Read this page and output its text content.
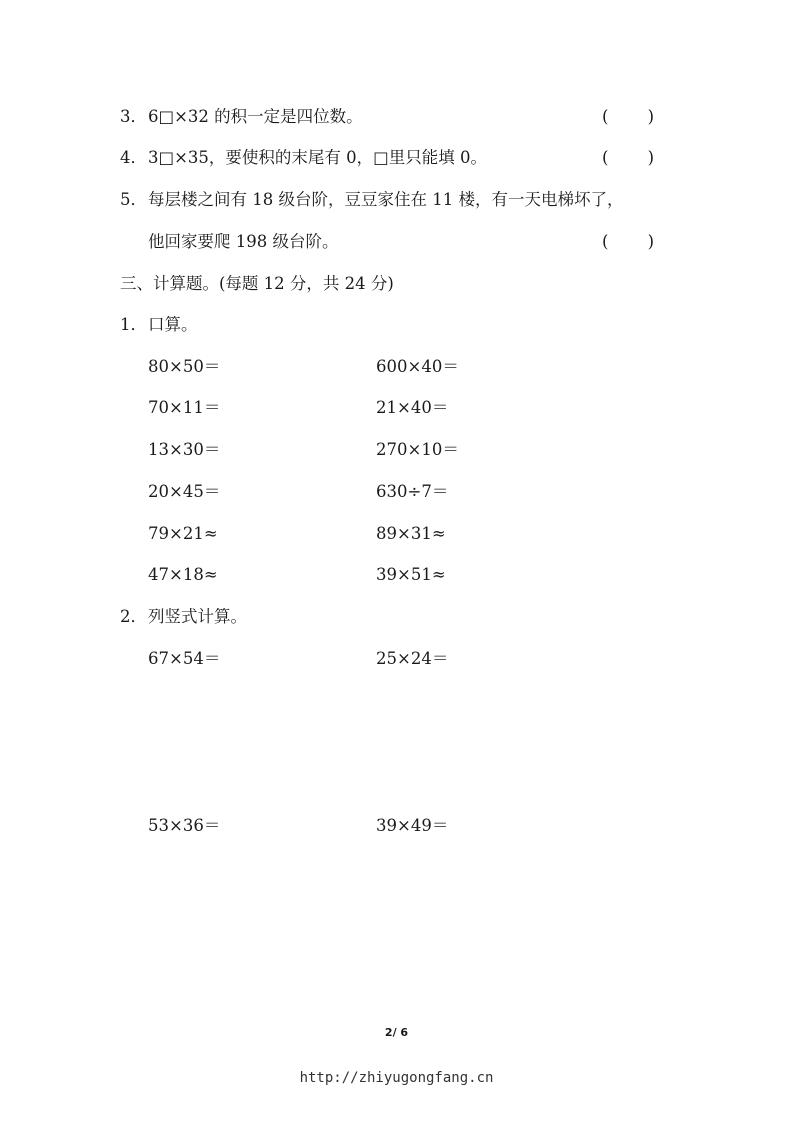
3． 6□×32 的积一定是四位数。	( )
4． 3□×35，要使积的末尾有 0，□里只能填 0。	( )
5． 每层楼之间有 18 级台阶，豆豆家住在 11 楼，有一天电梯坏了，
他回家要爬 198 级台阶。	( )
三、计算题。(每题 12 分，共 24 分)
1． 口算。
80×50＝	600×40＝
70×11＝	21×40＝
13×30＝	270×10＝
20×45＝	630÷7＝
79×21≈	89×31≈
47×18≈	39×51≈
2． 列竖式计算。
67×54＝	25×24＝
53×36＝	39×49＝
2/ 6
http://zhiyugongfang.cn
